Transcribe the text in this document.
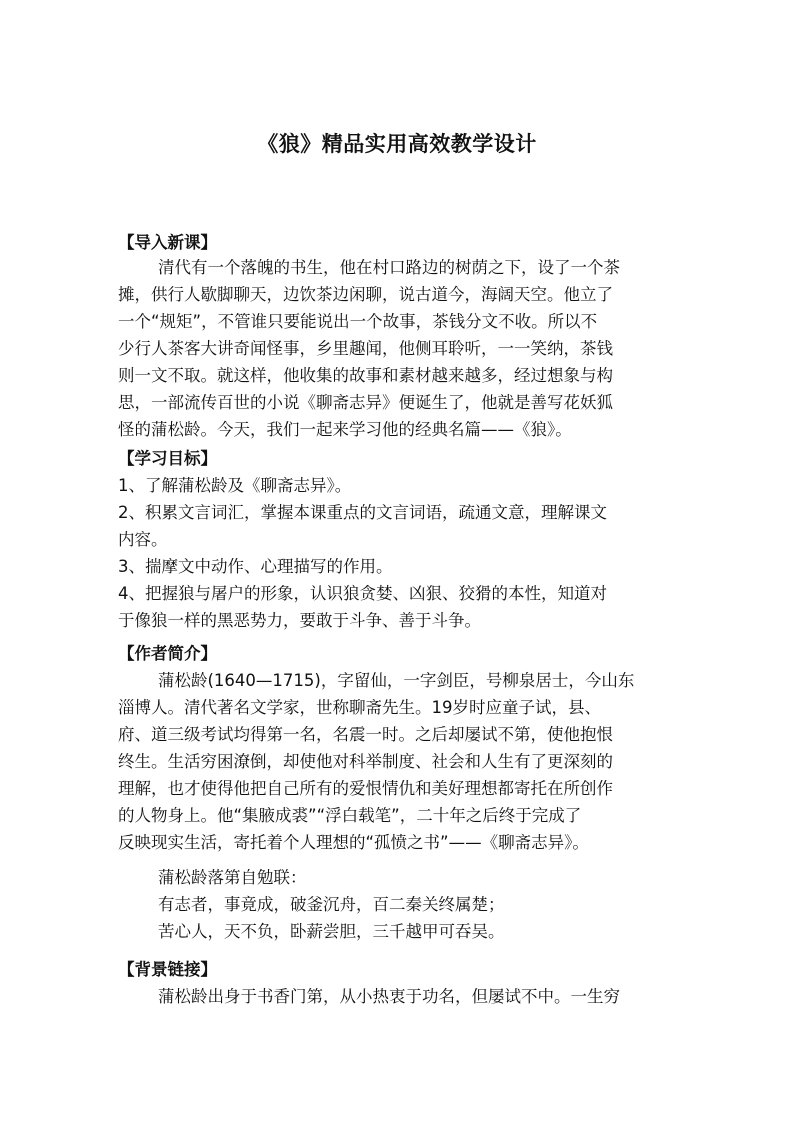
《狼》精品实用高效教学设计
【导入新课】
清代有一个落魄的书生，他在村口路边的树荫之下，设了一个茶
摊，供行人歇脚聊天，边饮茶边闲聊，说古道今，海阔天空。他立了
一个“规矩”，不管谁只要能说出一个故事，茶钱分文不收。所以不
少行人茶客大讲奇闻怪事，乡里趣闻，他侧耳聆听，一一笑纳，茶钱
则一文不取。就这样，他收集的故事和素材越来越多，经过想象与构
思，一部流传百世的小说《聊斋志异》便诞生了，他就是善写花妖狐
怪的蒲松龄。今天，我们一起来学习他的经典名篇——《狼》。
【学习目标】
1、了解蒲松龄及《聊斋志异》。
2、积累文言词汇，掌握本课重点的文言词语，疏通文意，理解课文
内容。
3、揣摩文中动作、心理描写的作用。
4、把握狼与屠户的形象，认识狼贪婪、凶狠、狡猾的本性，知道对
于像狼一样的黑恶势力，要敢于斗争、善于斗争。
【作者简介】
蒲松龄(1640—1715)，字留仙，一字剑臣，号柳泉居士，今山东
淄博人。清代著名文学家，世称聊斋先生。19岁时应童子试，县、
府、道三级考试均得第一名，名震一时。之后却屡试不第，使他抱恨
终生。生活穷困潦倒，却使他对科举制度、社会和人生有了更深刻的
理解，也才使得他把自己所有的爱恨情仇和美好理想都寄托在所创作
的人物身上。他“集腋成裘”“浮白载笔”，二十年之后终于完成了
反映现实生活，寄托着个人理想的“孤愤之书”——《聊斋志异》。
蒲松龄落第自勉联：
有志者，事竟成，破釜沉舟，百二秦关终属楚；
苦心人，天不负，卧薪尝胆，三千越甲可吞吴。
【背景链接】
蒲松龄出身于书香门第，从小热衷于功名，但屡试不中。一生穷
